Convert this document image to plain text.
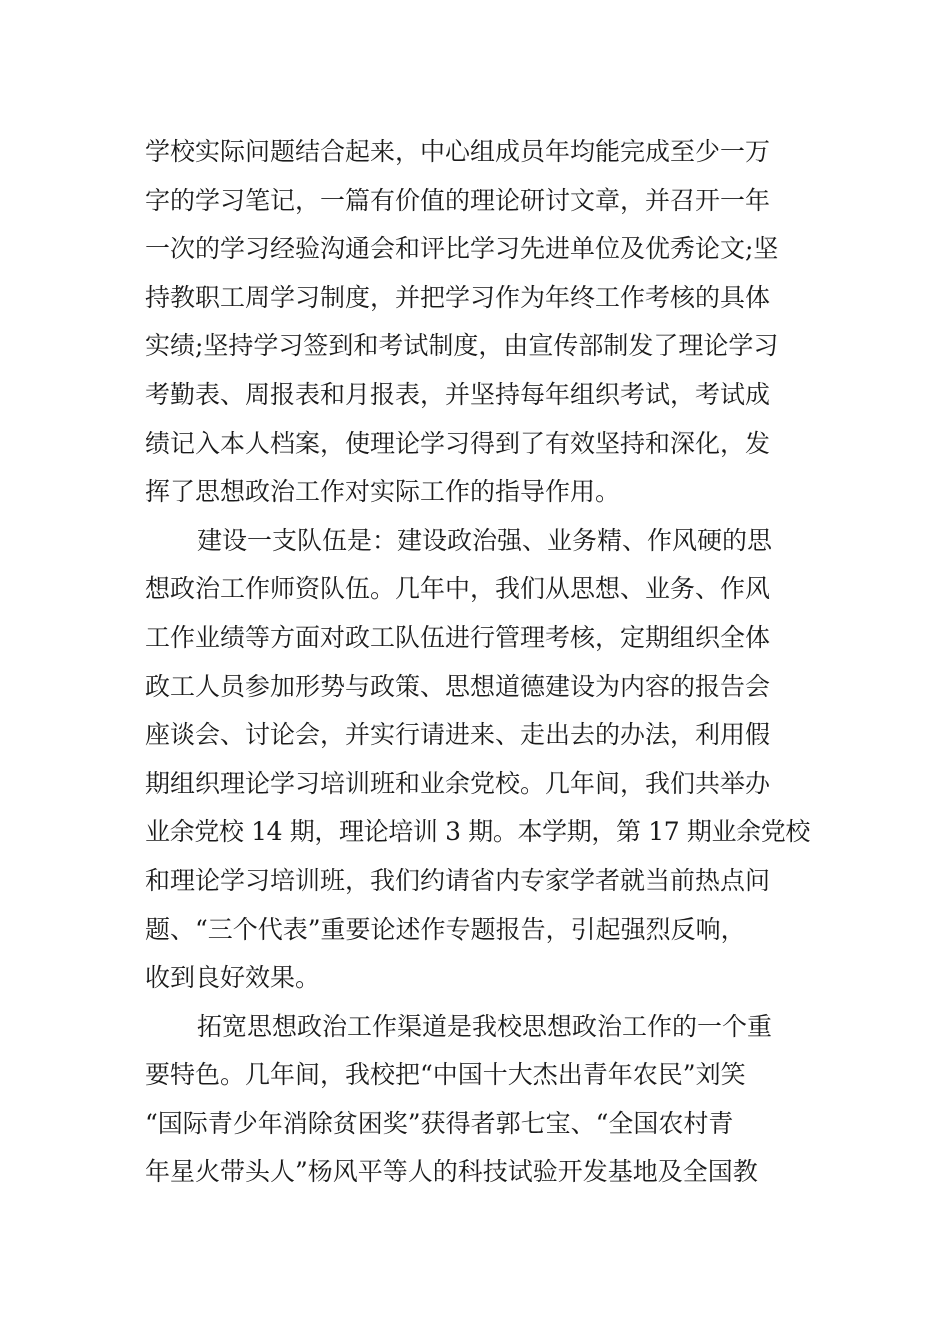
学校实际问题结合起来，中心组成员年均能完成至少一万
字的学习笔记，一篇有价值的理论研讨文章，并召开一年
一次的学习经验沟通会和评比学习先进单位及优秀论文;坚
持教职工周学习制度，并把学习作为年终工作考核的具体
实绩;坚持学习签到和考试制度，由宣传部制发了理论学习
考勤表、周报表和月报表，并坚持每年组织考试，考试成
绩记入本人档案，使理论学习得到了有效坚持和深化，发
挥了思想政治工作对实际工作的指导作用。
建设一支队伍是：建设政治强、业务精、作风硬的思
想政治工作师资队伍。几年中，我们从思想、业务、作风
工作业绩等方面对政工队伍进行管理考核，定期组织全体
政工人员参加形势与政策、思想道德建设为内容的报告会
座谈会、讨论会，并实行请进来、走出去的办法，利用假
期组织理论学习培训班和业余党校。几年间，我们共举办
业余党校 14 期，理论培训 3 期。本学期，第 17 期业余党校
和理论学习培训班，我们约请省内专家学者就当前热点问
题、“三个代表”重要论述作专题报告，引起强烈反响，
收到良好效果。
拓宽思想政治工作渠道是我校思想政治工作的一个重
要特色。几年间，我校把“中国十大杰出青年农民”刘笑
“国际青少年消除贫困奖”获得者郭七宝、“全国农村青
年星火带头人”杨风平等人的科技试验开发基地及全国教
